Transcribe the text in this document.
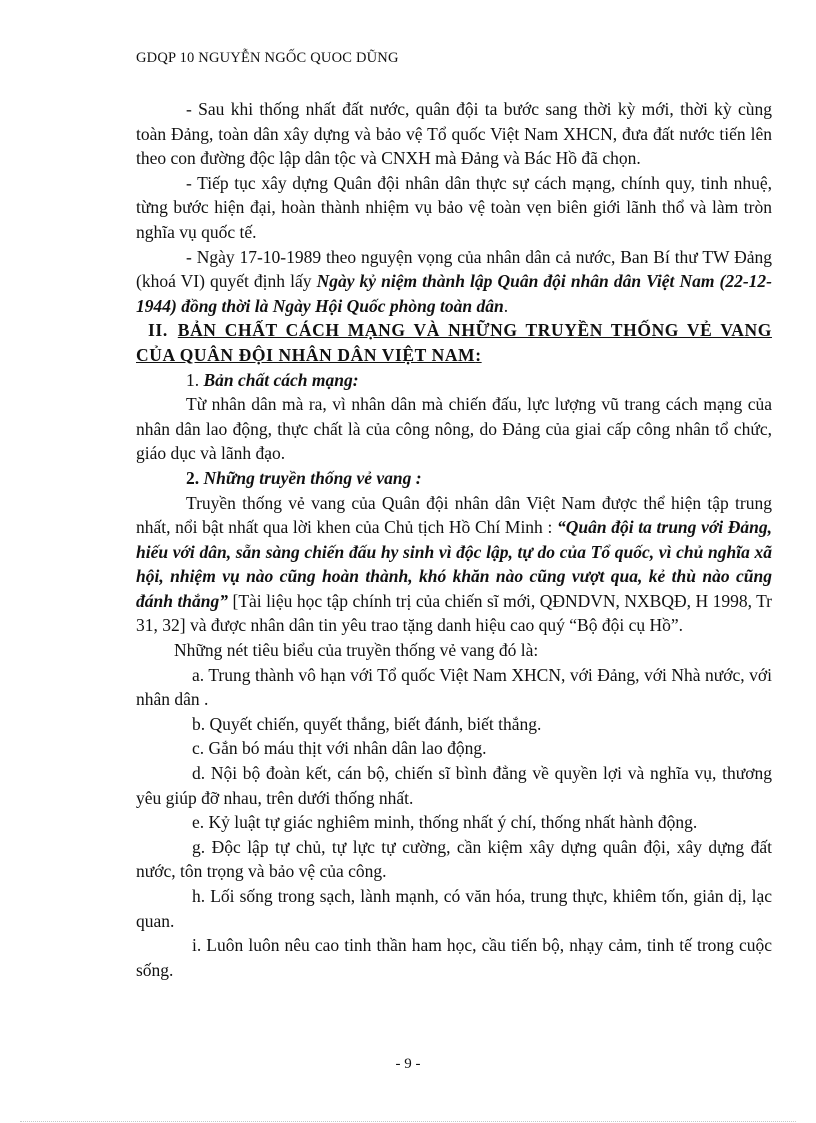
GDQP 10 NGUYỄN NGỐC QUOC DŨNG

- Sau khi thống nhất đất nước, quân đội ta bước sang thời kỳ mới, thời kỳ cùng toàn Đảng, toàn dân xây dựng và bảo vệ Tổ quốc Việt Nam XHCN, đưa đất nước tiến lên theo con đường độc lập dân tộc và CNXH mà Đảng và Bác Hồ đã chọn.

- Tiếp tục xây dựng Quân đội nhân dân thực sự cách mạng, chính quy, tinh nhuệ, từng bước hiện đại, hoàn thành nhiệm vụ bảo vệ toàn vẹn biên giới lãnh thổ và làm tròn nghĩa vụ quốc tế.

- Ngày 17-10-1989 theo nguyện vọng của nhân dân cả nước, Ban Bí thư TW Đảng (khoá VI) quyết định lấy Ngày kỷ niệm thành lập Quân đội nhân dân Việt Nam (22-12-1944) đồng thời là Ngày Hội Quốc phòng toàn dân.

II. BẢN CHẤT CÁCH MẠNG VÀ NHỮNG TRUYỀN THỐNG VẺ VANG CỦA QUÂN ĐỘI NHÂN DÂN VIỆT NAM:

1. Bản chất cách mạng:

Từ nhân dân mà ra, vì nhân dân mà chiến đấu, lực lượng vũ trang cách mạng của nhân dân lao động, thực chất là của công nông, do Đảng của giai cấp công nhân tổ chức, giáo dục và lãnh đạo.

2. Những truyền thống vẻ vang :

Truyền thống vẻ vang của Quân đội nhân dân Việt Nam được thể hiện tập trung nhất, nổi bật nhất qua lời khen của Chủ tịch Hồ Chí Minh : “Quân đội ta trung với Đảng, hiếu với dân, sẵn sàng chiến đấu hy sinh vì độc lập, tự do của Tổ quốc, vì chủ nghĩa xã hội, nhiệm vụ nào cũng hoàn thành, khó khăn nào cũng vượt qua, kẻ thù nào cũng đánh thắng” [Tài liệu học tập chính trị của chiến sĩ mới, QĐNDVN, NXBQĐ, H 1998, Tr 31, 32] và được nhân dân tin yêu trao tặng danh hiệu cao quý “Bộ đội cụ Hồ”.

Những nét tiêu biểu của truyền thống vẻ vang đó là:

a. Trung thành vô hạn với Tổ quốc Việt Nam XHCN, với Đảng, với Nhà nước, với nhân dân .

b. Quyết chiến, quyết thắng, biết đánh, biết thắng.

c. Gắn bó máu thịt với nhân dân lao động.

d. Nội bộ đoàn kết, cán bộ, chiến sĩ bình đẳng về quyền lợi và nghĩa vụ, thương yêu giúp đỡ nhau, trên dưới thống nhất.

e. Kỷ luật tự giác nghiêm minh, thống nhất ý chí, thống nhất hành động.

g. Độc lập tự chủ, tự lực tự cường, cần kiệm xây dựng quân đội, xây dựng đất nước, tôn trọng và bảo vệ của công.

h. Lối sống trong sạch, lành mạnh, có văn hóa, trung thực, khiêm tốn, giản dị, lạc quan.

i. Luôn luôn nêu cao tinh thần ham học, cầu tiến bộ, nhạy cảm, tinh tế trong cuộc sống.

- 9 -
